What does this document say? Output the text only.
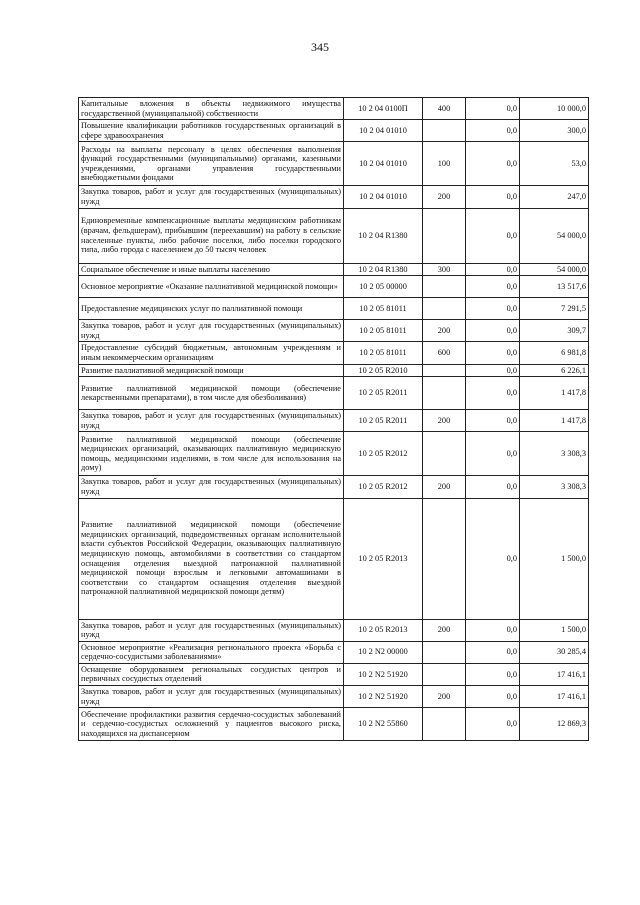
345
Капитальные вложения в объекты недвижимого имущества государственной (муниципальной) собственности	10 2 04 0100П	400	0,0	10 000,0
Повышение квалификации работников государственных организаций в сфере здравоохранения	10 2 04 01010		0,0	300,0
Расходы на выплаты персоналу в целях обеспечения выполнения функций государственными (муниципальными) органами, казенными учреждениями, органами управления государственными внебюджетными фондами	10 2 04 01010	100	0,0	53,0
Закупка товаров, работ и услуг для государственных (муниципальных) нужд	10 2 04 01010	200	0,0	247,0
Единовременные компенсационные выплаты медицинским работникам (врачам, фельдшерам), прибывшим (переехавшим) на работу в сельские населенные пункты, либо рабочие поселки, либо поселки городского типа, либо города с населением до 50 тысяч человек	10 2 04 R1380		0,0	54 000,0
Социальное обеспечение и иные выплаты населению	10 2 04 R1380	300	0,0	54 000,0
Основное мероприятие «Оказание паллиативной медицинской помощи»	10 2 05 00000		0,0	13 517,6
Предоставление медицинских услуг по паллиативной помощи	10 2 05 81011		0,0	7 291,5
Закупка товаров, работ и услуг для государственных (муниципальных) нужд	10 2 05 81011	200	0,0	309,7
Предоставление субсидий бюджетным, автономным учреждениям и иным некоммерческим организациям	10 2 05 81011	600	0,0	6 981,8
Развитие паллиативной медицинской помощи	10 2 05 R2010		0,0	6 226,1
Развитие паллиативной медицинской помощи (обеспечение лекарственными препаратами), в том числе для обезболивания)	10 2 05 R2011		0,0	1 417,8
Закупка товаров, работ и услуг для государственных (муниципальных) нужд	10 2 05 R2011	200	0,0	1 417,8
Развитие паллиативной медицинской помощи (обеспечение медицинских организаций, оказывающих паллиативную медицинскую помощь, медицинскими изделиями, в том числе для использования на дому)	10 2 05 R2012		0,0	3 308,3
Закупка товаров, работ и услуг для государственных (муниципальных) нужд	10 2 05 R2012	200	0,0	3 308,3
Развитие паллиативной медицинской помощи (обеспечение медицинских организаций, подведомственных органам исполнительной власти субъектов Российской Федерации, оказывающих паллиативную медицинскую помощь, автомобилями в соответствии со стандартом оснащения отделения выездной патронажной паллиативной медицинской помощи взрослым и легковыми автомашинами в соответствии со стандартом оснащения отделения выездной патронажной паллиативной медицинской помощи детям)	10 2 05 R2013		0,0	1 500,0
Закупка товаров, работ и услуг для государственных (муниципальных) нужд	10 2 05 R2013	200	0,0	1 500,0
Основное мероприятие «Реализация регионального проекта «Борьба с сердечно-сосудистыми заболеваниями»	10 2 N2 00000		0,0	30 285,4
Оснащение оборудованием региональных сосудистых центров и первичных сосудистых отделений	10 2 N2 51920		0,0	17 416,1
Закупка товаров, работ и услуг для государственных (муниципальных) нужд	10 2 N2 51920	200	0,0	17 416,1
Обеспечение профилактики развития сердечно-сосудистых заболеваний и сердечно-сосудистых осложнений у пациентов высокого риска, находящихся на диспансерном	10 2 N2 55860		0,0	12 869,3
